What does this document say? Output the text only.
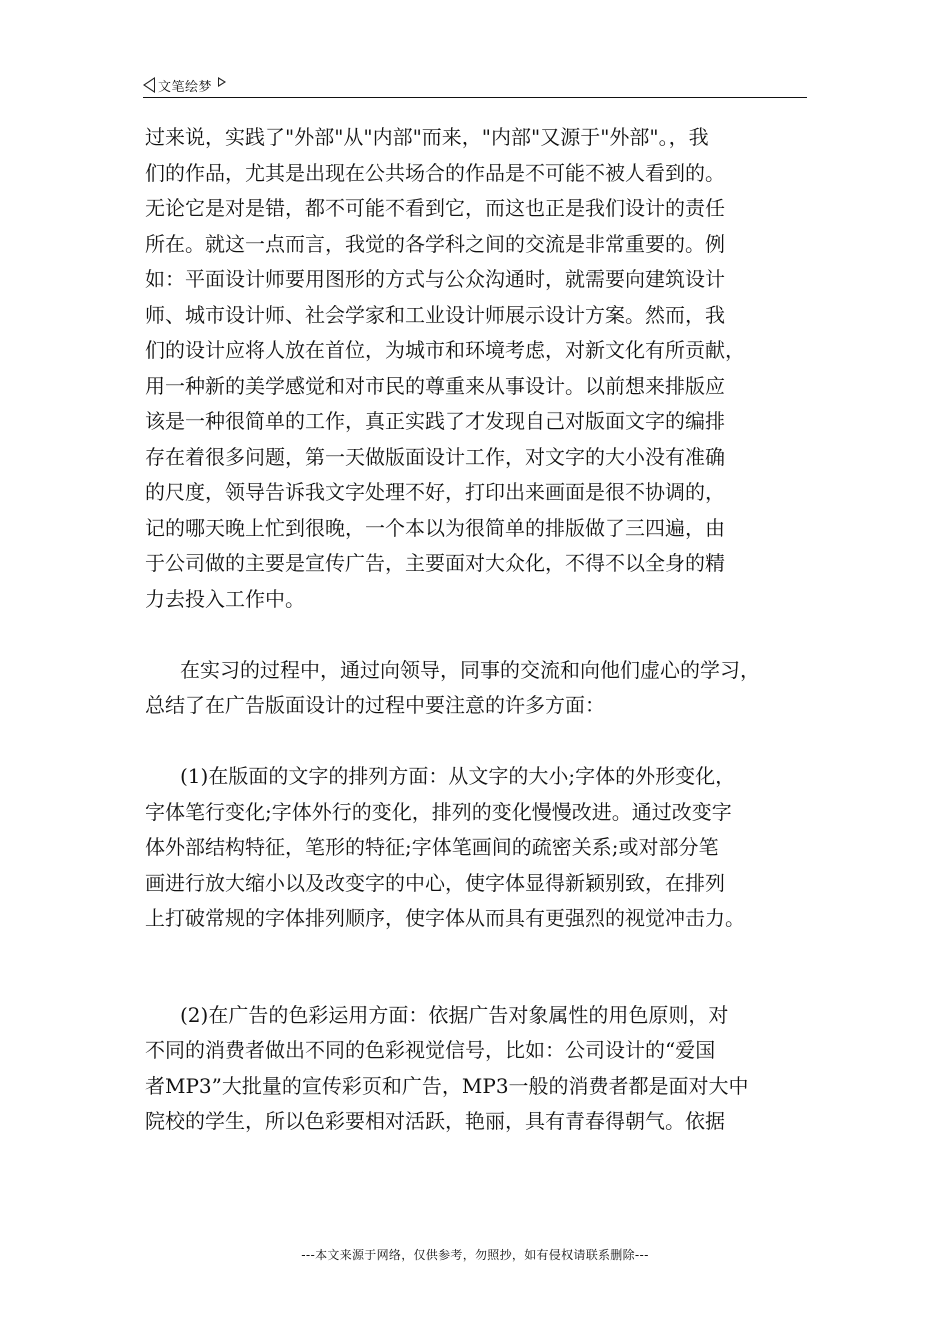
文笔绘梦
过来说，实践了"外部"从"内部"而来，"内部"又源于"外部"。，我
们的作品，尤其是出现在公共场合的作品是不可能不被人看到的。
无论它是对是错，都不可能不看到它，而这也正是我们设计的责任
所在。就这一点而言，我觉的各学科之间的交流是非常重要的。例
如：平面设计师要用图形的方式与公众沟通时，就需要向建筑设计
师、城市设计师、社会学家和工业设计师展示设计方案。然而，我
们的设计应将人放在首位，为城市和环境考虑，对新文化有所贡献，
用一种新的美学感觉和对市民的尊重来从事设计。以前想来排版应
该是一种很简单的工作，真正实践了才发现自己对版面文字的编排
存在着很多问题，第一天做版面设计工作，对文字的大小没有准确
的尺度，领导告诉我文字处理不好，打印出来画面是很不协调的，
记的哪天晚上忙到很晚，一个本以为很简单的排版做了三四遍，由
于公司做的主要是宣传广告，主要面对大众化，不得不以全身的精
力去投入工作中。
在实习的过程中，通过向领导，同事的交流和向他们虚心的学习，
总结了在广告版面设计的过程中要注意的许多方面：
(1)在版面的文字的排列方面：从文字的大小;字体的外形变化，
字体笔行变化;字体外行的变化，排列的变化慢慢改进。通过改变字
体外部结构特征，笔形的特征;字体笔画间的疏密关系;或对部分笔
画进行放大缩小以及改变字的中心，使字体显得新颖别致，在排列
上打破常规的字体排列顺序，使字体从而具有更强烈的视觉冲击力。
(2)在广告的色彩运用方面：依据广告对象属性的用色原则，对
不同的消费者做出不同的色彩视觉信号，比如：公司设计的“爱国
者MP3”大批量的宣传彩页和广告，MP3一般的消费者都是面对大中
院校的学生，所以色彩要相对活跃，艳丽，具有青春得朝气。依据
---本文来源于网络，仅供参考，勿照抄，如有侵权请联系删除---
